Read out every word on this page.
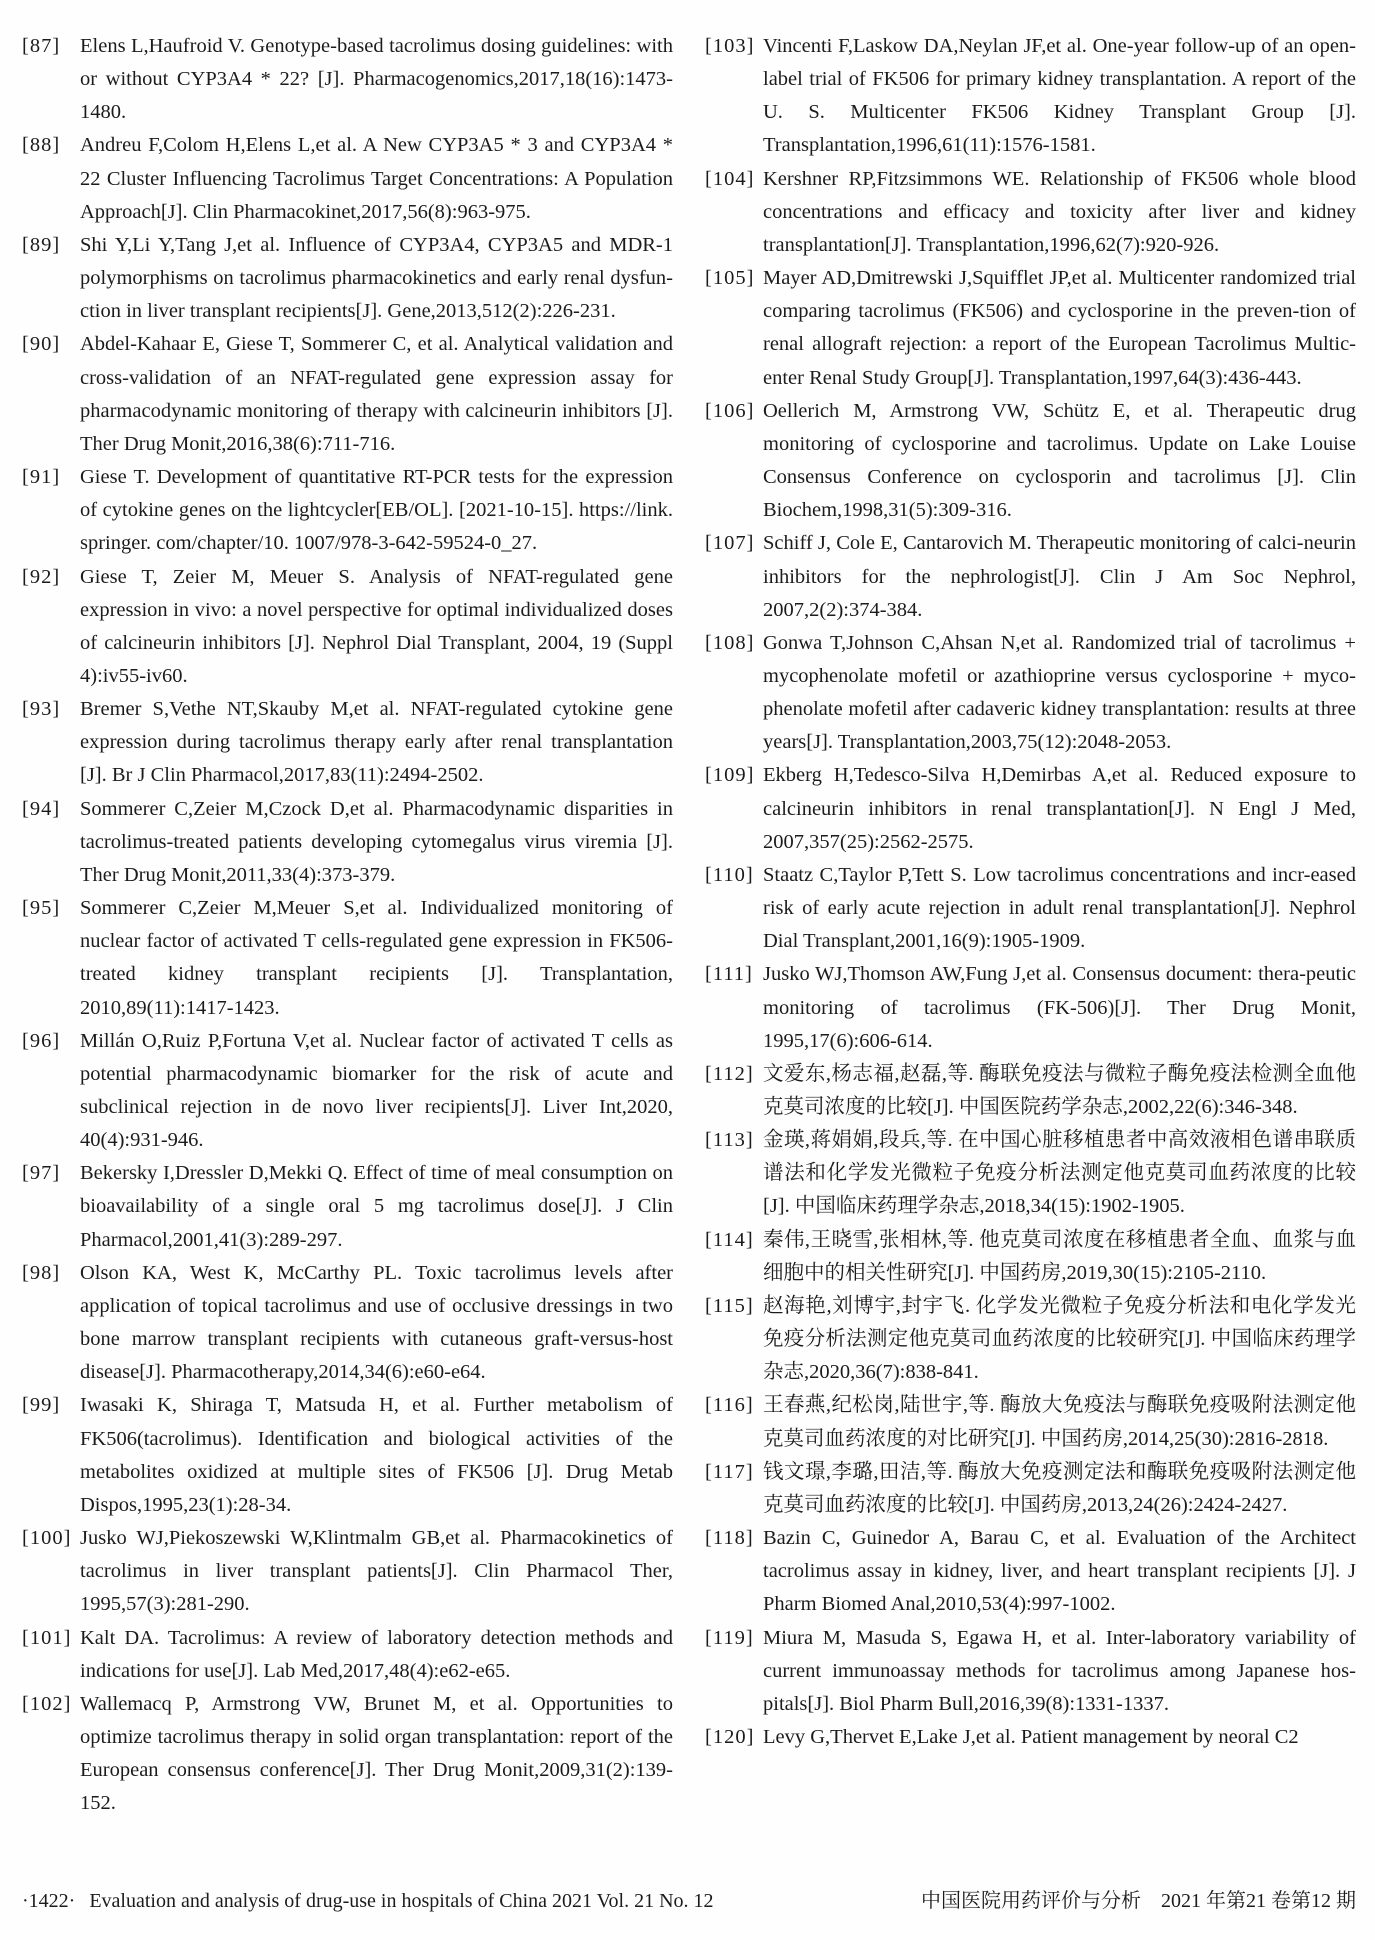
[87] Elens L,Haufroid V. Genotype-based tacrolimus dosing guidelines: with or without CYP3A4 * 22? [J]. Pharmacogenomics,2017,18(16):1473-1480.
[88] Andreu F,Colom H,Elens L,et al. A New CYP3A5 * 3 and CYP3A4 * 22 Cluster Influencing Tacrolimus Target Concentrations: A Population Approach[J]. Clin Pharmacokinet,2017,56(8):963-975.
[89] Shi Y,Li Y,Tang J,et al. Influence of CYP3A4, CYP3A5 and MDR-1 polymorphisms on tacrolimus pharmacokinetics and early renal dysfun-ction in liver transplant recipients[J]. Gene,2013,512(2):226-231.
[90] Abdel-Kahaar E, Giese T, Sommerer C, et al. Analytical validation and cross-validation of an NFAT-regulated gene expression assay for pharmacodynamic monitoring of therapy with calcineurin inhibitors [J]. Ther Drug Monit,2016,38(6):711-716.
[91] Giese T. Development of quantitative RT-PCR tests for the expression of cytokine genes on the lightcycler[EB/OL]. [2021-10-15]. https://link. springer. com/chapter/10. 1007/978-3-642-59524-0_27.
[92] Giese T, Zeier M, Meuer S. Analysis of NFAT-regulated gene expression in vivo: a novel perspective for optimal individualized doses of calcineurin inhibitors [J]. Nephrol Dial Transplant, 2004, 19 (Suppl 4):iv55-iv60.
[93] Bremer S,Vethe NT,Skauby M,et al. NFAT-regulated cytokine gene expression during tacrolimus therapy early after renal transplantation [J]. Br J Clin Pharmacol,2017,83(11):2494-2502.
[94] Sommerer C,Zeier M,Czock D,et al. Pharmacodynamic disparities in tacrolimus-treated patients developing cytomegalus virus viremia [J]. Ther Drug Monit,2011,33(4):373-379.
[95] Sommerer C,Zeier M,Meuer S,et al. Individualized monitoring of nuclear factor of activated T cells-regulated gene expression in FK506-treated kidney transplant recipients [J]. Transplantation, 2010,89(11):1417-1423.
[96] Millán O,Ruiz P,Fortuna V,et al. Nuclear factor of activated T cells as potential pharmacodynamic biomarker for the risk of acute and subclinical rejection in de novo liver recipients[J]. Liver Int,2020, 40(4):931-946.
[97] Bekersky I,Dressler D,Mekki Q. Effect of time of meal consumption on bioavailability of a single oral 5 mg tacrolimus dose[J]. J Clin Pharmacol,2001,41(3):289-297.
[98] Olson KA, West K, McCarthy PL. Toxic tacrolimus levels after application of topical tacrolimus and use of occlusive dressings in two bone marrow transplant recipients with cutaneous graft-versus-host disease[J]. Pharmacotherapy,2014,34(6):e60-e64.
[99] Iwasaki K, Shiraga T, Matsuda H, et al. Further metabolism of FK506(tacrolimus). Identification and biological activities of the metabolites oxidized at multiple sites of FK506 [J]. Drug Metab Dispos,1995,23(1):28-34.
[100] Jusko WJ,Piekoszewski W,Klintmalm GB,et al. Pharmacokinetics of tacrolimus in liver transplant patients[J]. Clin Pharmacol Ther, 1995,57(3):281-290.
[101] Kalt DA. Tacrolimus: A review of laboratory detection methods and indications for use[J]. Lab Med,2017,48(4):e62-e65.
[102] Wallemacq P, Armstrong VW, Brunet M, et al. Opportunities to optimize tacrolimus therapy in solid organ transplantation: report of the European consensus conference[J]. Ther Drug Monit,2009,31(2):139-152.
[103] Vincenti F,Laskow DA,Neylan JF,et al. One-year follow-up of an open-label trial of FK506 for primary kidney transplantation. A report of the U. S. Multicenter FK506 Kidney Transplant Group [J]. Transplantation,1996,61(11):1576-1581.
[104] Kershner RP,Fitzsimmons WE. Relationship of FK506 whole blood concentrations and efficacy and toxicity after liver and kidney transplantation[J]. Transplantation,1996,62(7):920-926.
[105] Mayer AD,Dmitrewski J,Squifflet JP,et al. Multicenter randomized trial comparing tacrolimus (FK506) and cyclosporine in the preven-tion of renal allograft rejection: a report of the European Tacrolimus Multic-enter Renal Study Group[J]. Transplantation,1997,64(3):436-443.
[106] Oellerich M, Armstrong VW, Schütz E, et al. Therapeutic drug monitoring of cyclosporine and tacrolimus. Update on Lake Louise Consensus Conference on cyclosporin and tacrolimus [J]. Clin Biochem,1998,31(5):309-316.
[107] Schiff J, Cole E, Cantarovich M. Therapeutic monitoring of calci-neurin inhibitors for the nephrologist[J]. Clin J Am Soc Nephrol, 2007,2(2):374-384.
[108] Gonwa T,Johnson C,Ahsan N,et al. Randomized trial of tacrolimus + mycophenolate mofetil or azathioprine versus cyclosporine + myco-phenolate mofetil after cadaveric kidney transplantation: results at three years[J]. Transplantation,2003,75(12):2048-2053.
[109] Ekberg H,Tedesco-Silva H,Demirbas A,et al. Reduced exposure to calcineurin inhibitors in renal transplantation[J]. N Engl J Med, 2007,357(25):2562-2575.
[110] Staatz C,Taylor P,Tett S. Low tacrolimus concentrations and incr-eased risk of early acute rejection in adult renal transplantation[J]. Nephrol Dial Transplant,2001,16(9):1905-1909.
[111] Jusko WJ,Thomson AW,Fung J,et al. Consensus document: thera-peutic monitoring of tacrolimus (FK-506)[J]. Ther Drug Monit, 1995,17(6):606-614.
[112] 文爱东,杨志福,赵磊,等. 酶联免疫法与微粒子酶免疫法检测全血他克莫司浓度的比较[J]. 中国医院药学杂志,2002,22(6):346-348.
[113] 金瑛,蒋娟娟,段兵,等. 在中国心脏移植患者中高效液相色谱串联质谱法和化学发光微粒子免疫分析法测定他克莫司血药浓度的比较[J]. 中国临床药理学杂志,2018,34(15):1902-1905.
[114] 秦伟,王晓雪,张相林,等. 他克莫司浓度在移植患者全血、血浆与血细胞中的相关性研究[J]. 中国药房,2019,30(15):2105-2110.
[115] 赵海艳,刘博宇,封宇飞. 化学发光微粒子免疫分析法和电化学发光免疫分析法测定他克莫司血药浓度的比较研究[J]. 中国临床药理学杂志,2020,36(7):838-841.
[116] 王春燕,纪松岗,陆世宇,等. 酶放大免疫法与酶联免疫吸附法测定他克莫司血药浓度的对比研究[J]. 中国药房,2014,25(30):2816-2818.
[117] 钱文璟,李璐,田洁,等. 酶放大免疫测定法和酶联免疫吸附法测定他克莫司血药浓度的比较[J]. 中国药房,2013,24(26):2424-2427.
[118] Bazin C, Guinedor A, Barau C, et al. Evaluation of the Architect tacrolimus assay in kidney, liver, and heart transplant recipients [J]. J Pharm Biomed Anal,2010,53(4):997-1002.
[119] Miura M, Masuda S, Egawa H, et al. Inter-laboratory variability of current immunoassay methods for tacrolimus among Japanese hos-pitals[J]. Biol Pharm Bull,2016,39(8):1331-1337.
[120] Levy G,Thervet E,Lake J,et al. Patient management by neoral C2
·1422· Evaluation and analysis of drug-use in hospitals of China 2021 Vol. 21 No. 12	中国医院用药评价与分析　2021 年第21 卷第12 期
